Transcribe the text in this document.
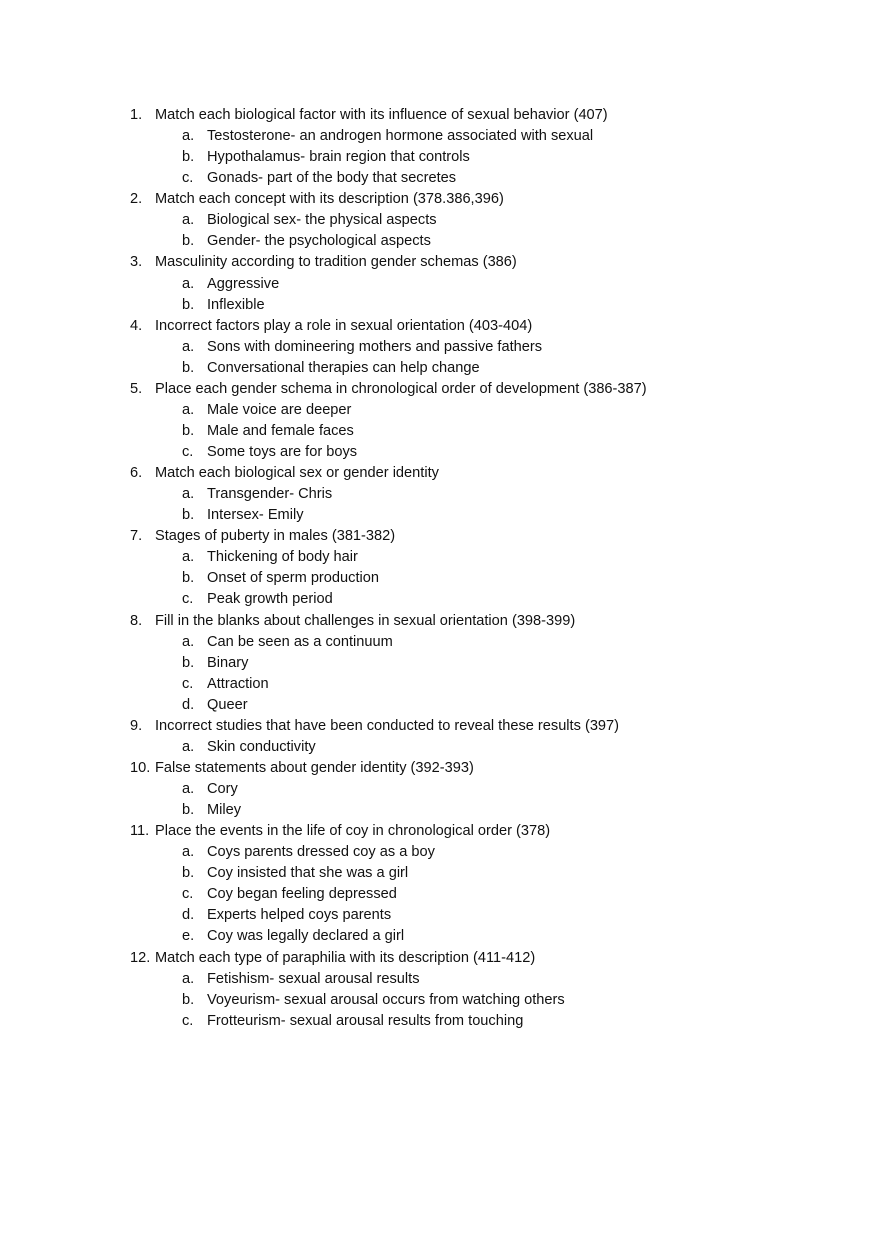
1. Match each biological factor with its influence of sexual behavior (407)
a. Testosterone- an androgen hormone associated with sexual
b. Hypothalamus- brain region that controls
c. Gonads- part of the body that secretes
2. Match each concept with its description (378.386,396)
a. Biological sex- the physical aspects
b. Gender- the psychological aspects
3. Masculinity according to tradition gender schemas (386)
a. Aggressive
b. Inflexible
4. Incorrect factors play a role in sexual orientation (403-404)
a. Sons with domineering mothers and passive fathers
b. Conversational therapies can help change
5. Place each gender schema in chronological order of development (386-387)
a. Male voice are deeper
b. Male and female faces
c. Some toys are for boys
6. Match each biological sex or gender identity
a. Transgender- Chris
b. Intersex- Emily
7. Stages of puberty in males (381-382)
a. Thickening of body hair
b. Onset of sperm production
c. Peak growth period
8. Fill in the blanks about challenges in sexual orientation (398-399)
a. Can be seen as a continuum
b. Binary
c. Attraction
d. Queer
9. Incorrect studies that have been conducted to reveal these results (397)
a. Skin conductivity
10. False statements about gender identity (392-393)
a. Cory
b. Miley
11. Place the events in the life of coy in chronological order (378)
a. Coys parents dressed coy as a boy
b. Coy insisted that she was a girl
c. Coy began feeling depressed
d. Experts helped coys parents
e. Coy was legally declared a girl
12. Match each type of paraphilia with its description (411-412)
a. Fetishism- sexual arousal results
b. Voyeurism- sexual arousal occurs from watching others
c. Frotteurism- sexual arousal results from touching
